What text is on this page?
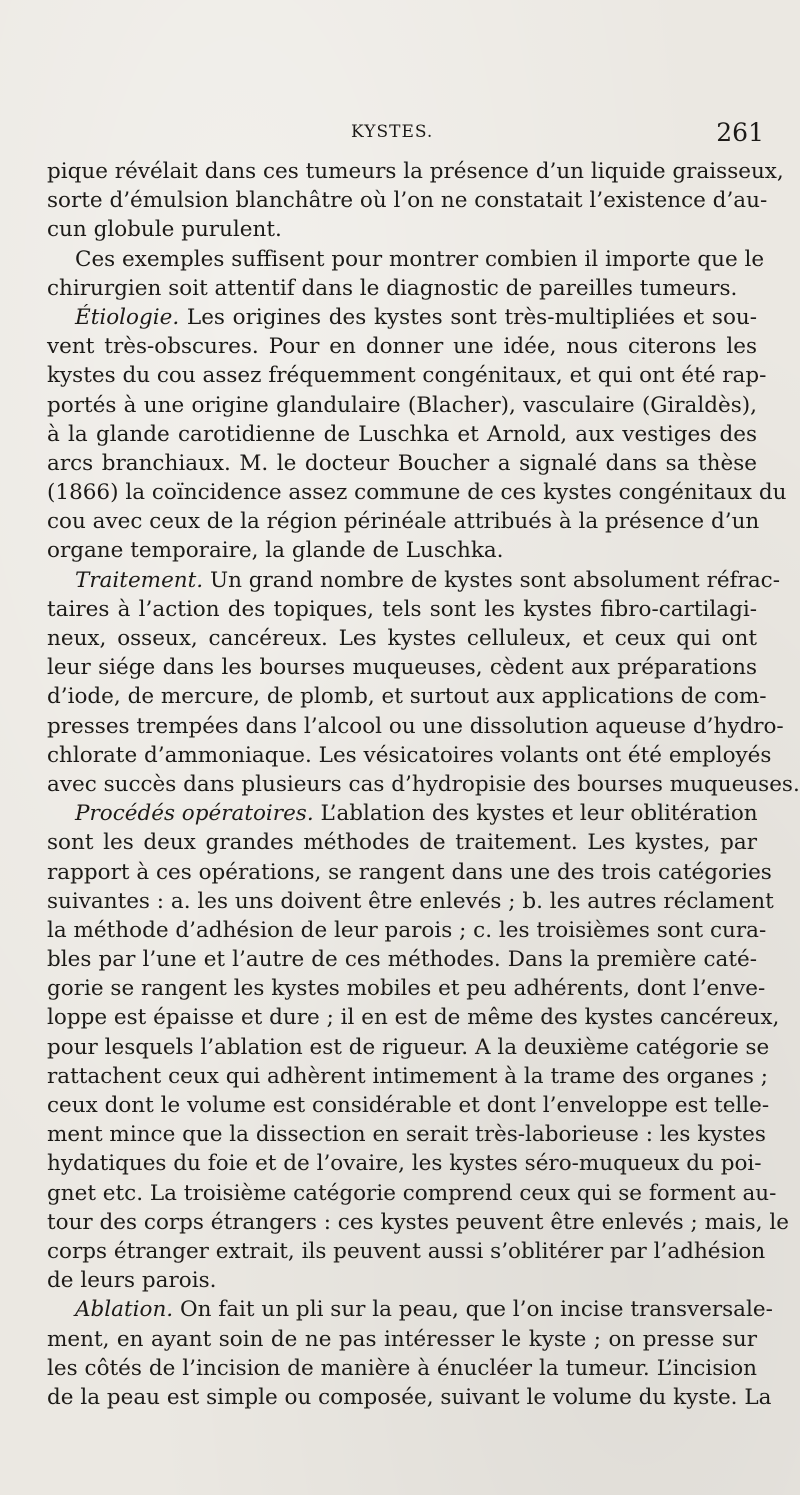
KYSTES.	261
pique révélait dans ces tumeurs la présence d’un liquide graisseux,
sorte d’émulsion blanchâtre où l’on ne constatait l’existence d’au-
cun globule purulent.
Ces exemples suffisent pour montrer combien il importe que le
chirurgien soit attentif dans le diagnostic de pareilles tumeurs.
Étiologie. Les origines des kystes sont très-multipliées et sou-
vent très-obscures. Pour en donner une idée, nous citerons les
kystes du cou assez fréquemment congénitaux, et qui ont été rap-
portés à une origine glandulaire (Blacher), vasculaire (Giraldès),
à la glande carotidienne de Luschka et Arnold, aux vestiges des
arcs branchiaux. M. le docteur Boucher a signalé dans sa thèse
(1866) la coïncidence assez commune de ces kystes congénitaux du
cou avec ceux de la région périnéale attribués à la présence d’un
organe temporaire, la glande de Luschka.
Traitement. Un grand nombre de kystes sont absolument réfrac-
taires à l’action des topiques, tels sont les kystes fibro-cartilagi-
neux, osseux, cancéreux. Les kystes celluleux, et ceux qui ont
leur siége dans les bourses muqueuses, cèdent aux préparations
d’iode, de mercure, de plomb, et surtout aux applications de com-
presses trempées dans l’alcool ou une dissolution aqueuse d’hydro-
chlorate d’ammoniaque. Les vésicatoires volants ont été employés
avec succès dans plusieurs cas d’hydropisie des bourses muqueuses.
Procédés opératoires. L’ablation des kystes et leur oblitération
sont les deux grandes méthodes de traitement. Les kystes, par
rapport à ces opérations, se rangent dans une des trois catégories
suivantes : a. les uns doivent être enlevés ; b. les autres réclament
la méthode d’adhésion de leur parois ; c. les troisièmes sont cura-
bles par l’une et l’autre de ces méthodes. Dans la première caté-
gorie se rangent les kystes mobiles et peu adhérents, dont l’enve-
loppe est épaisse et dure ; il en est de même des kystes cancéreux,
pour lesquels l’ablation est de rigueur. A la deuxième catégorie se
rattachent ceux qui adhèrent intimement à la trame des organes ;
ceux dont le volume est considérable et dont l’enveloppe est telle-
ment mince que la dissection en serait très-laborieuse : les kystes
hydatiques du foie et de l’ovaire, les kystes séro-muqueux du poi-
gnet etc. La troisième catégorie comprend ceux qui se forment au-
tour des corps étrangers : ces kystes peuvent être enlevés ; mais, le
corps étranger extrait, ils peuvent aussi s’oblitérer par l’adhésion
de leurs parois.
Ablation. On fait un pli sur la peau, que l’on incise transversale-
ment, en ayant soin de ne pas intéresser le kyste ; on presse sur
les côtés de l’incision de manière à énucléer la tumeur. L’incision
de la peau est simple ou composée, suivant le volume du kyste. La
